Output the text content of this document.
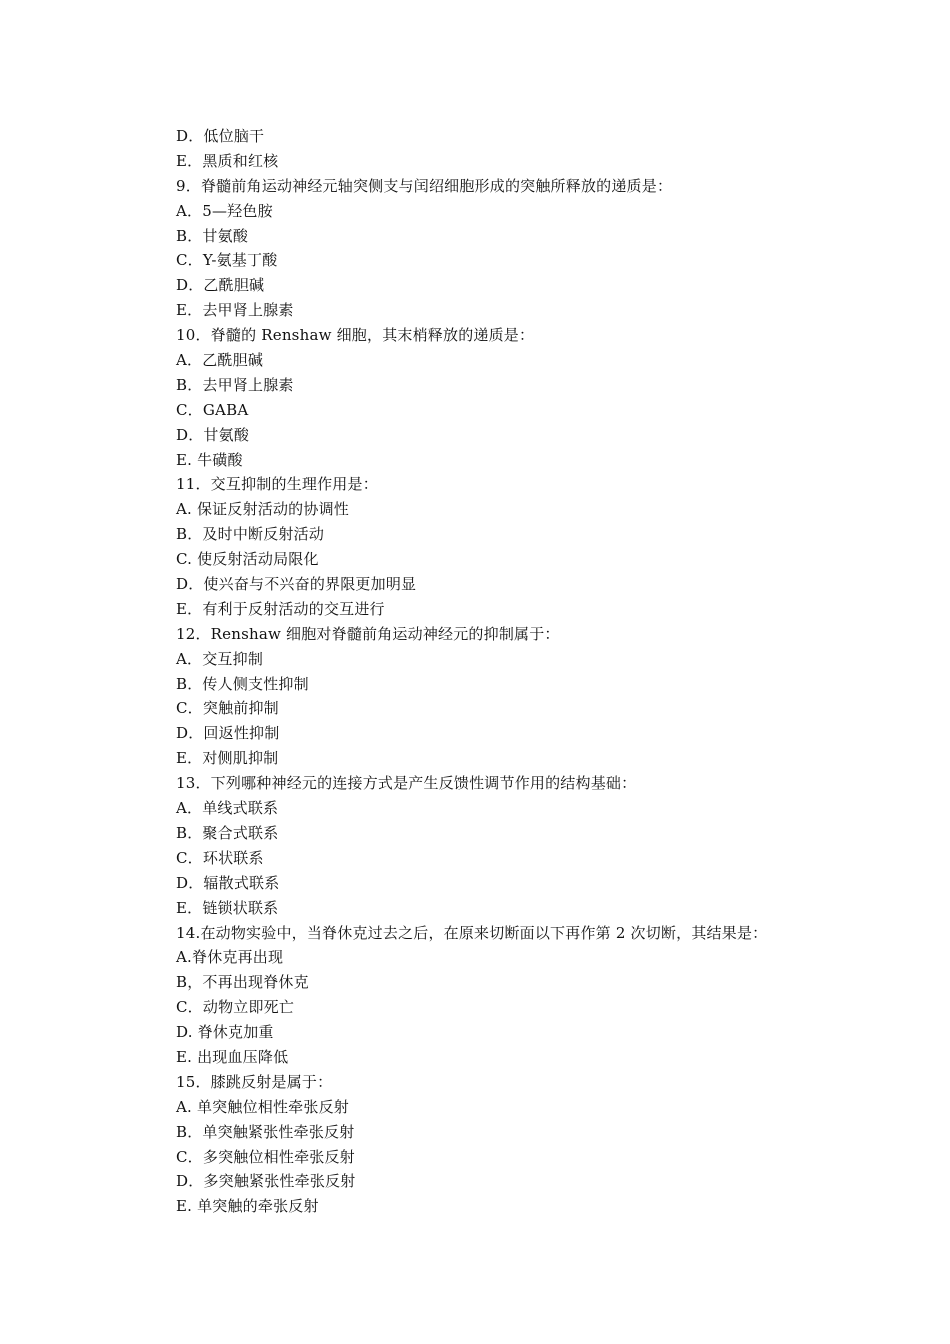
D．低位脑干
E．黑质和红核
9．脊髓前角运动神经元轴突侧支与闰绍细胞形成的突触所释放的递质是：
A．5—羟色胺
B．甘氨酸
C．Y-氨基丁酸
D．乙酰胆碱
E．去甲肾上腺素
10．脊髓的 Renshaw 细胞，其末梢释放的递质是：
A．乙酰胆碱
B．去甲肾上腺素
C．GABA
D．甘氨酸
E. 牛磺酸
11．交互抑制的生理作用是：
A. 保证反射活动的协调性
B．及时中断反射活动
C. 使反射活动局限化
D．使兴奋与不兴奋的界限更加明显
E．有利于反射活动的交互进行
12．Renshaw 细胞对脊髓前角运动神经元的抑制属于：
A．交互抑制
B．传人侧支性抑制
C．突触前抑制
D．回返性抑制
E．对侧肌抑制
13．下列哪种神经元的连接方式是产生反馈性调节作用的结构基础：
A．单线式联系
B．聚合式联系
C．环状联系
D．辐散式联系
E．链锁状联系
14.在动物实验中，当脊休克过去之后，在原来切断面以下再作第 2 次切断，其结果是：
A.脊休克再出现
B，不再出现脊休克
C．动物立即死亡
D. 脊休克加重
E. 出现血压降低
15．膝跳反射是属于：
A. 单突触位相性牵张反射
B．单突触紧张性牵张反射
C．多突触位相性牵张反射
D．多突触紧张性牵张反射
E. 单突触的牵张反射
